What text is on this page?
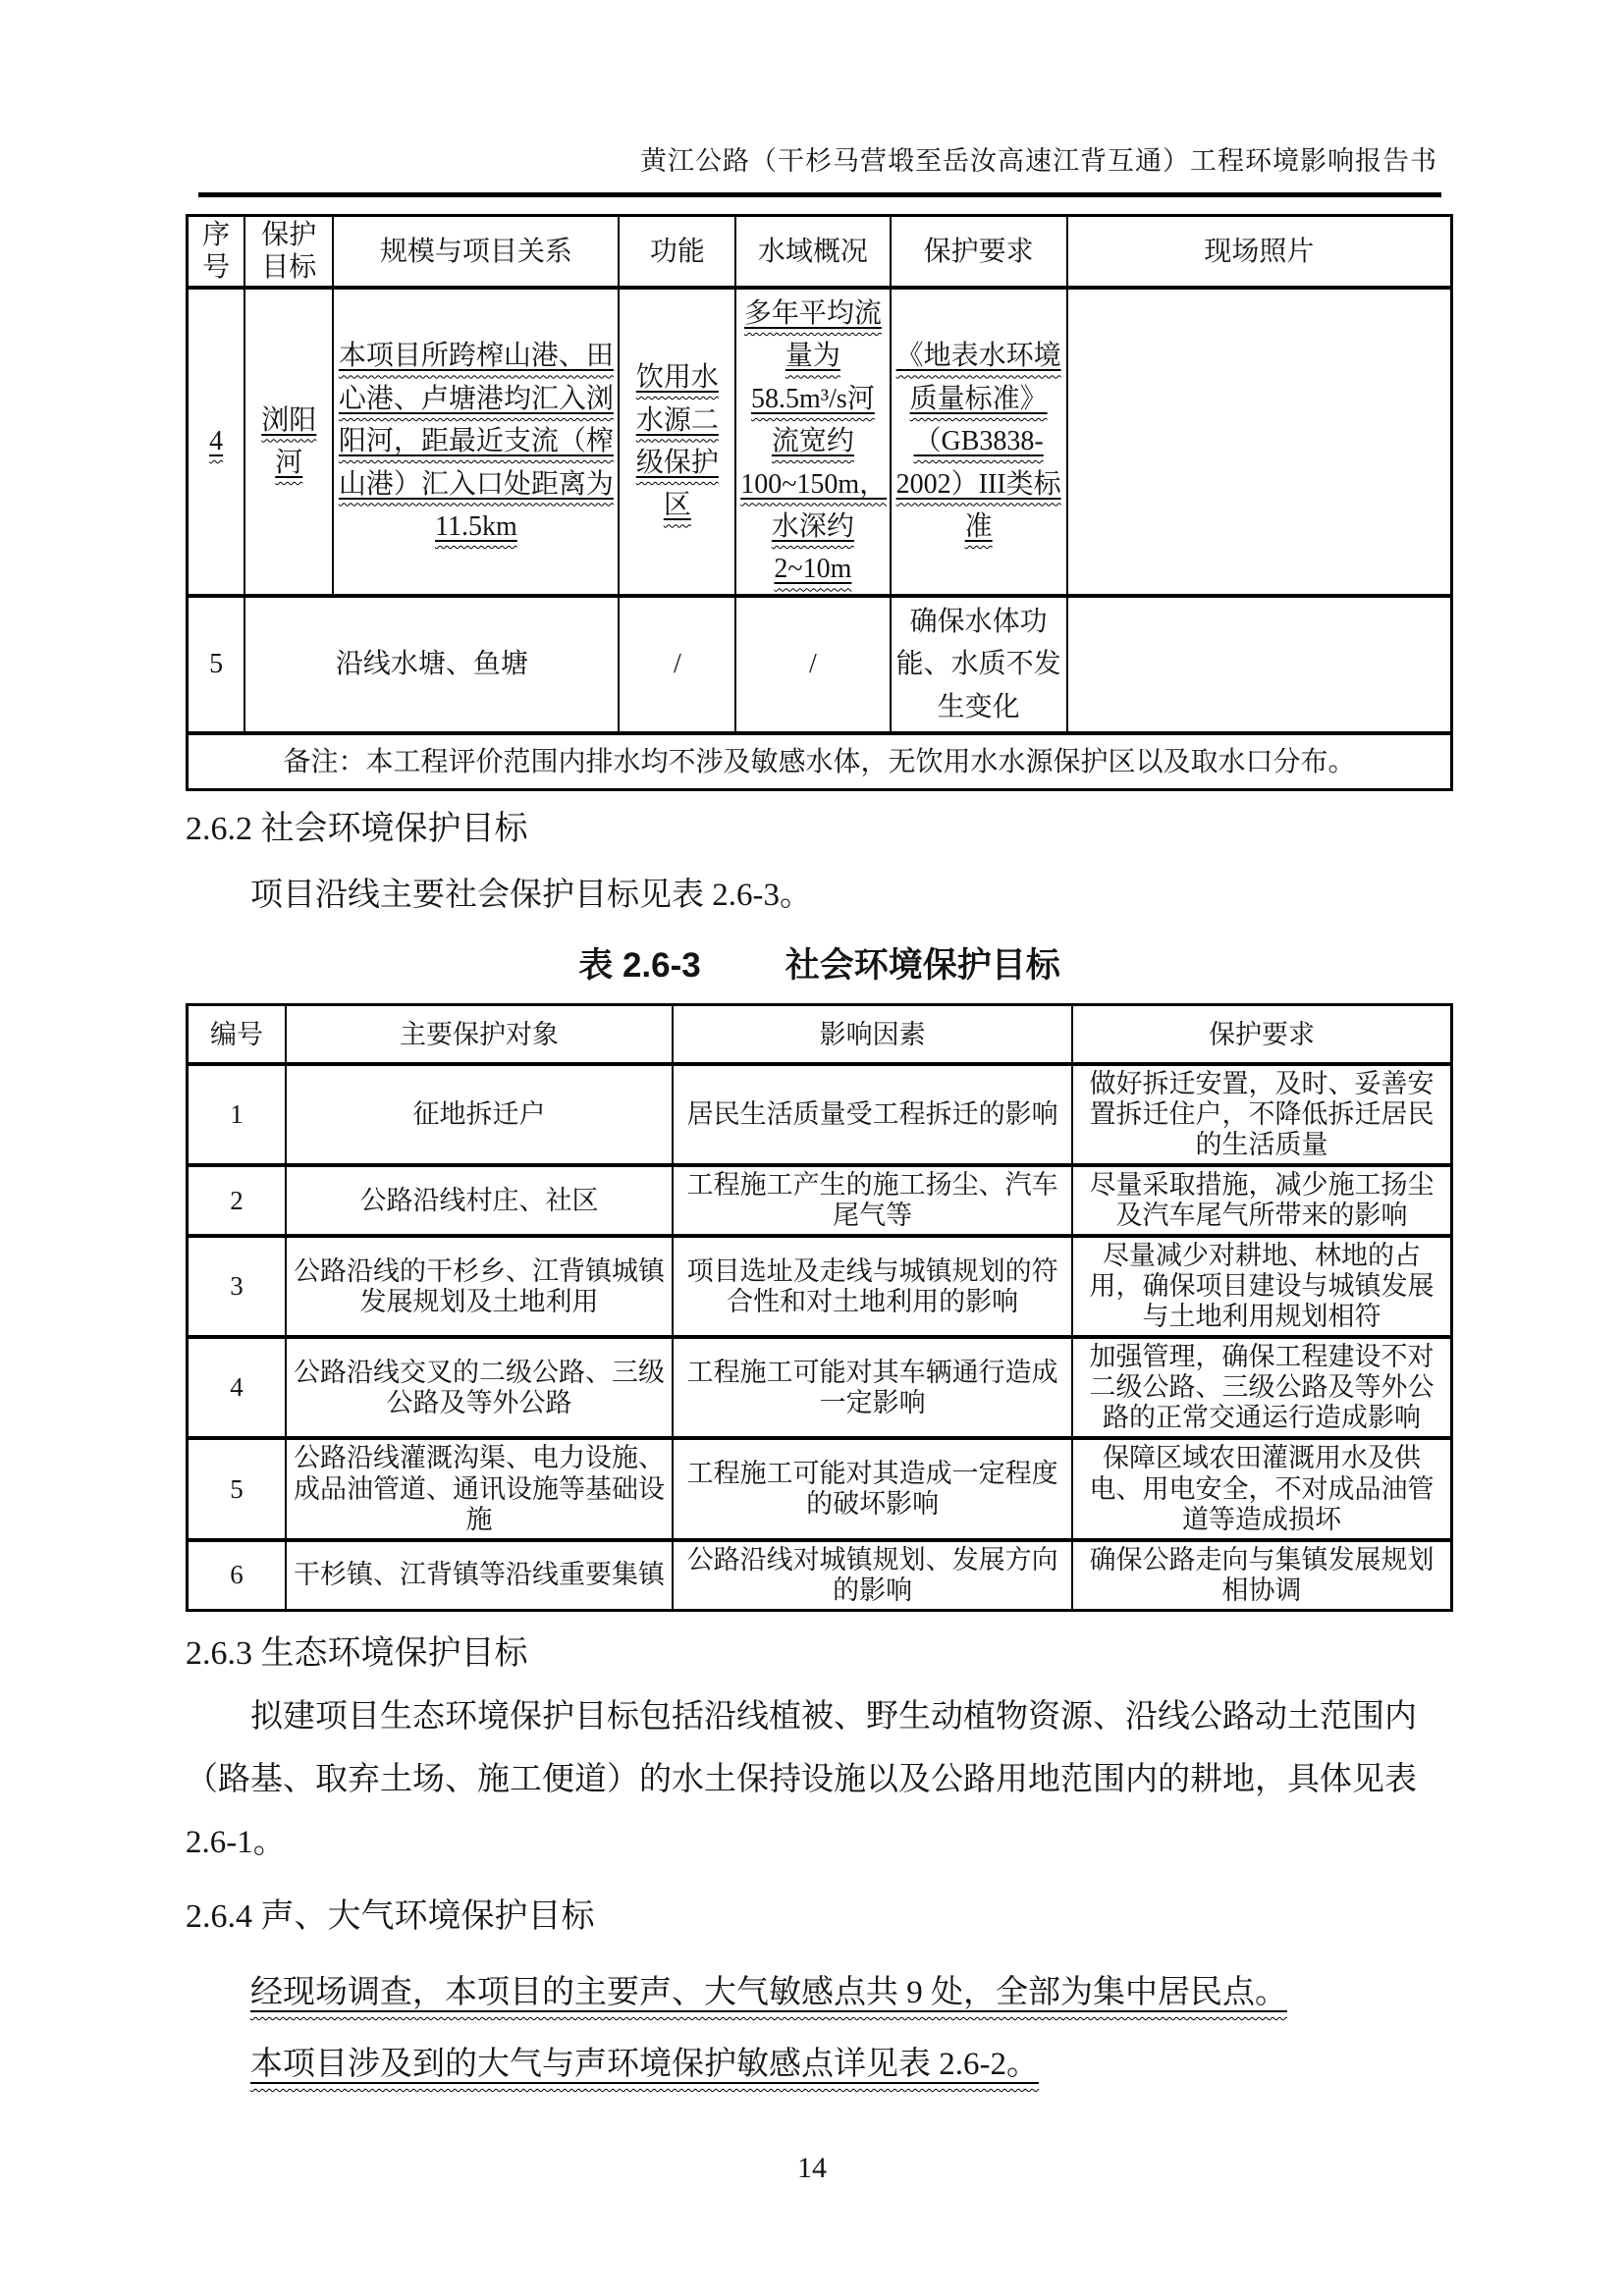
黄江公路（干杉马营塅至岳汝高速江背互通）工程环境影响报告书
序号	保护目标	规模与项目关系	功能	水域概况	保护要求	现场照片
4	浏阳河	本项目所跨榨山港、田心港、卢塘港均汇入浏阳河，距最近支流（榨山港）汇入口处距离为11.5km	饮用水水源二级保护区	多年平均流量为58.5m³/s河流宽约100~150m，水深约2~10m	《地表水环境质量标准》（GB3838-2002）III类标准	
5	沿线水塘、鱼塘		/	/	确保水体功能、水质不发生变化	
备注：本工程评价范围内排水均不涉及敏感水体，无饮用水水源保护区以及取水口分布。						
2.6.2 社会环境保护目标

项目沿线主要社会保护目标见表 2.6-3。

表 2.6-3 社会环境保护目标
编号	主要保护对象	影响因素	保护要求
1	征地拆迁户	居民生活质量受工程拆迁的影响	做好拆迁安置，及时、妥善安置拆迁住户，不降低拆迁居民的生活质量
2	公路沿线村庄、社区	工程施工产生的施工扬尘、汽车尾气等	尽量采取措施，减少施工扬尘及汽车尾气所带来的影响
3	公路沿线的干杉乡、江背镇城镇发展规划及土地利用	项目选址及走线与城镇规划的符合性和对土地利用的影响	尽量减少对耕地、林地的占用，确保项目建设与城镇发展与土地利用规划相符
4	公路沿线交叉的二级公路、三级公路及等外公路	工程施工可能对其车辆通行造成一定影响	加强管理，确保工程建设不对二级公路、三级公路及等外公路的正常交通运行造成影响
5	公路沿线灌溉沟渠、电力设施、成品油管道、通讯设施等基础设施	工程施工可能对其造成一定程度的破坏影响	保障区域农田灌溉用水及供电、用电安全，不对成品油管道等造成损坏
6	干杉镇、江背镇等沿线重要集镇	公路沿线对城镇规划、发展方向的影响	确保公路走向与集镇发展规划相协调
2.6.3 生态环境保护目标

拟建项目生态环境保护目标包括沿线植被、野生动植物资源、沿线公路动土范围内（路基、取弃土场、施工便道）的水土保持设施以及公路用地范围内的耕地，具体见表 2.6-1。

2.6.4 声、大气环境保护目标

经现场调查，本项目的主要声、大气敏感点共 9 处，全部为集中居民点。

本项目涉及到的大气与声环境保护敏感点详见表 2.6-2。

14
